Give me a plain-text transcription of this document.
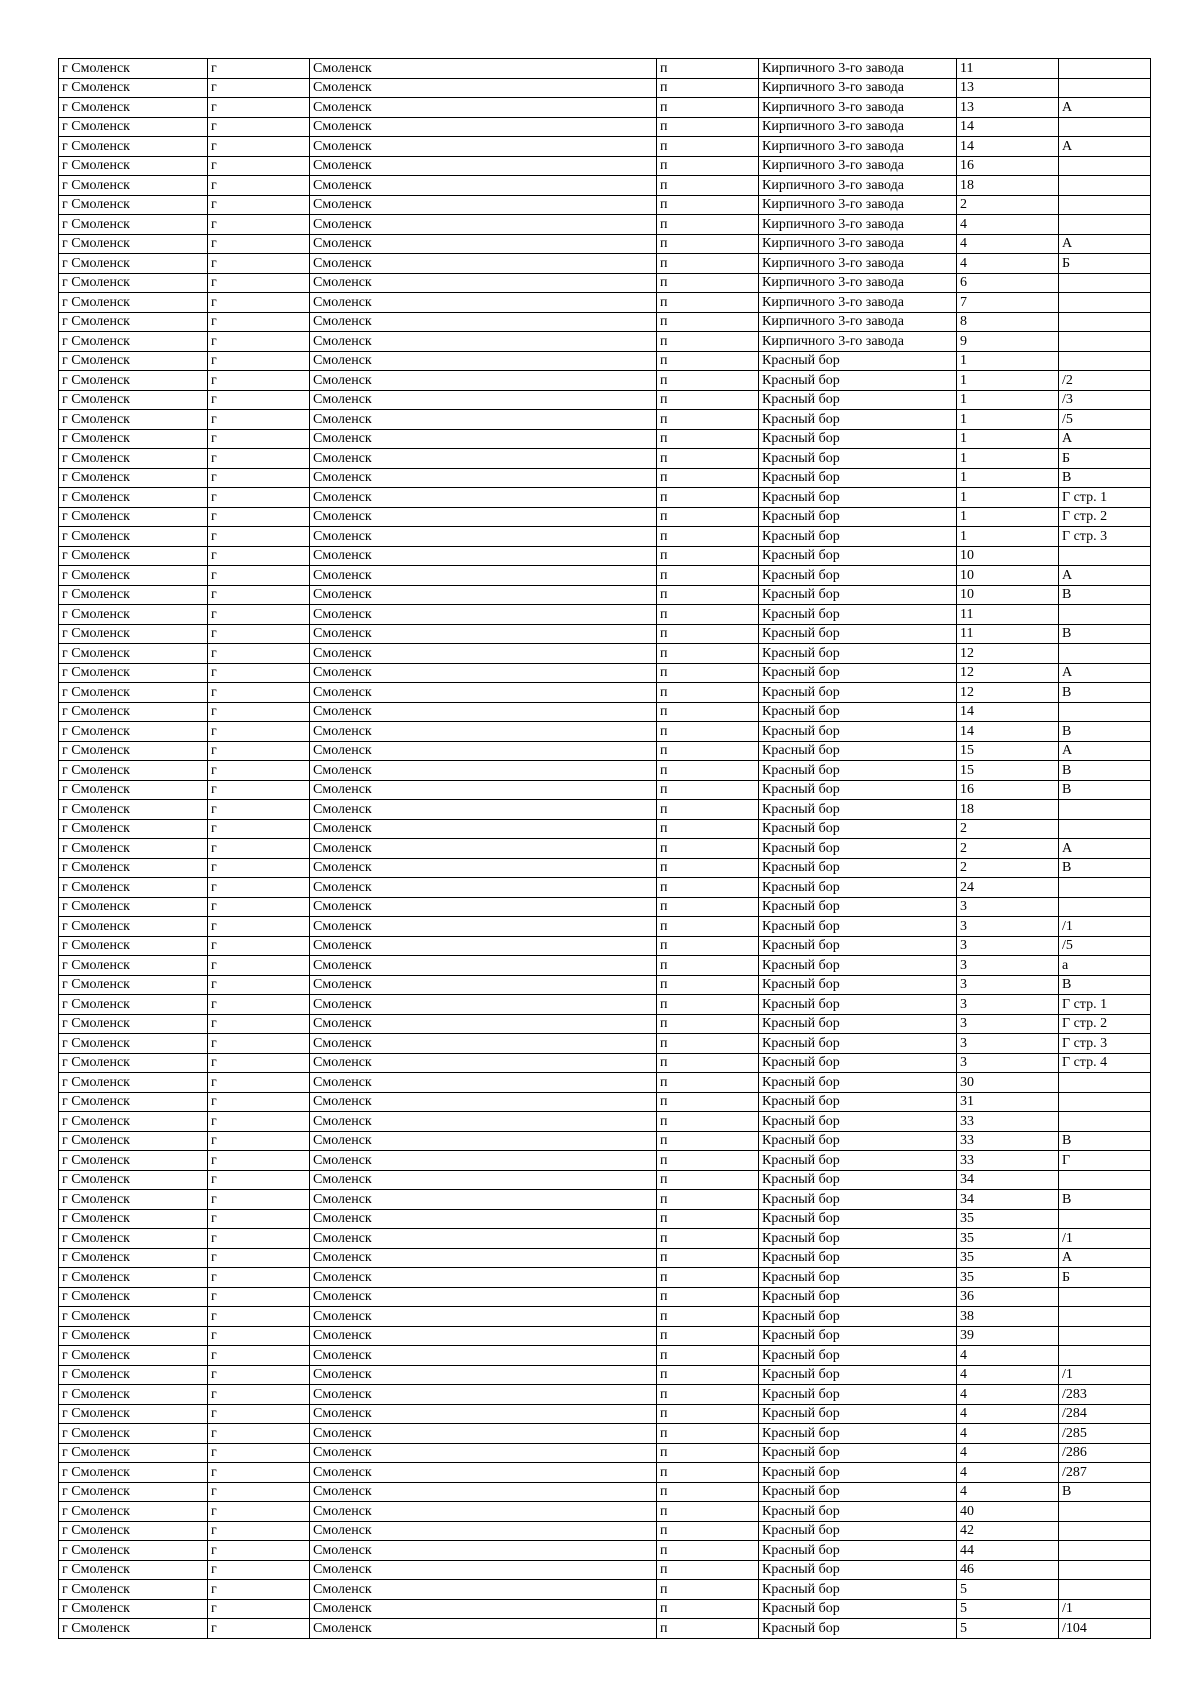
г Смоленск	г	Смоленск	п	Кирпичного 3-го завода	11	
г Смоленск	г	Смоленск	п	Кирпичного 3-го завода	13	
г Смоленск	г	Смоленск	п	Кирпичного 3-го завода	13	А
г Смоленск	г	Смоленск	п	Кирпичного 3-го завода	14	
г Смоленск	г	Смоленск	п	Кирпичного 3-го завода	14	А
г Смоленск	г	Смоленск	п	Кирпичного 3-го завода	16	
г Смоленск	г	Смоленск	п	Кирпичного 3-го завода	18	
г Смоленск	г	Смоленск	п	Кирпичного 3-го завода	2	
г Смоленск	г	Смоленск	п	Кирпичного 3-го завода	4	
г Смоленск	г	Смоленск	п	Кирпичного 3-го завода	4	А
г Смоленск	г	Смоленск	п	Кирпичного 3-го завода	4	Б
г Смоленск	г	Смоленск	п	Кирпичного 3-го завода	6	
г Смоленск	г	Смоленск	п	Кирпичного 3-го завода	7	
г Смоленск	г	Смоленск	п	Кирпичного 3-го завода	8	
г Смоленск	г	Смоленск	п	Кирпичного 3-го завода	9	
г Смоленск	г	Смоленск	п	Красный бор	1	
г Смоленск	г	Смоленск	п	Красный бор	1	/2
г Смоленск	г	Смоленск	п	Красный бор	1	/3
г Смоленск	г	Смоленск	п	Красный бор	1	/5
г Смоленск	г	Смоленск	п	Красный бор	1	А
г Смоленск	г	Смоленск	п	Красный бор	1	Б
г Смоленск	г	Смоленск	п	Красный бор	1	В
г Смоленск	г	Смоленск	п	Красный бор	1	Г стр. 1
г Смоленск	г	Смоленск	п	Красный бор	1	Г стр. 2
г Смоленск	г	Смоленск	п	Красный бор	1	Г стр. 3
г Смоленск	г	Смоленск	п	Красный бор	10	
г Смоленск	г	Смоленск	п	Красный бор	10	А
г Смоленск	г	Смоленск	п	Красный бор	10	В
г Смоленск	г	Смоленск	п	Красный бор	11	
г Смоленск	г	Смоленск	п	Красный бор	11	В
г Смоленск	г	Смоленск	п	Красный бор	12	
г Смоленск	г	Смоленск	п	Красный бор	12	А
г Смоленск	г	Смоленск	п	Красный бор	12	В
г Смоленск	г	Смоленск	п	Красный бор	14	
г Смоленск	г	Смоленск	п	Красный бор	14	В
г Смоленск	г	Смоленск	п	Красный бор	15	А
г Смоленск	г	Смоленск	п	Красный бор	15	В
г Смоленск	г	Смоленск	п	Красный бор	16	В
г Смоленск	г	Смоленск	п	Красный бор	18	
г Смоленск	г	Смоленск	п	Красный бор	2	
г Смоленск	г	Смоленск	п	Красный бор	2	А
г Смоленск	г	Смоленск	п	Красный бор	2	В
г Смоленск	г	Смоленск	п	Красный бор	24	
г Смоленск	г	Смоленск	п	Красный бор	3	
г Смоленск	г	Смоленск	п	Красный бор	3	/1
г Смоленск	г	Смоленск	п	Красный бор	3	/5
г Смоленск	г	Смоленск	п	Красный бор	3	а
г Смоленск	г	Смоленск	п	Красный бор	3	В
г Смоленск	г	Смоленск	п	Красный бор	3	Г стр. 1
г Смоленск	г	Смоленск	п	Красный бор	3	Г стр. 2
г Смоленск	г	Смоленск	п	Красный бор	3	Г стр. 3
г Смоленск	г	Смоленск	п	Красный бор	3	Г стр. 4
г Смоленск	г	Смоленск	п	Красный бор	30	
г Смоленск	г	Смоленск	п	Красный бор	31	
г Смоленск	г	Смоленск	п	Красный бор	33	
г Смоленск	г	Смоленск	п	Красный бор	33	В
г Смоленск	г	Смоленск	п	Красный бор	33	Г
г Смоленск	г	Смоленск	п	Красный бор	34	
г Смоленск	г	Смоленск	п	Красный бор	34	В
г Смоленск	г	Смоленск	п	Красный бор	35	
г Смоленск	г	Смоленск	п	Красный бор	35	/1
г Смоленск	г	Смоленск	п	Красный бор	35	А
г Смоленск	г	Смоленск	п	Красный бор	35	Б
г Смоленск	г	Смоленск	п	Красный бор	36	
г Смоленск	г	Смоленск	п	Красный бор	38	
г Смоленск	г	Смоленск	п	Красный бор	39	
г Смоленск	г	Смоленск	п	Красный бор	4	
г Смоленск	г	Смоленск	п	Красный бор	4	/1
г Смоленск	г	Смоленск	п	Красный бор	4	/283
г Смоленск	г	Смоленск	п	Красный бор	4	/284
г Смоленск	г	Смоленск	п	Красный бор	4	/285
г Смоленск	г	Смоленск	п	Красный бор	4	/286
г Смоленск	г	Смоленск	п	Красный бор	4	/287
г Смоленск	г	Смоленск	п	Красный бор	4	В
г Смоленск	г	Смоленск	п	Красный бор	40	
г Смоленск	г	Смоленск	п	Красный бор	42	
г Смоленск	г	Смоленск	п	Красный бор	44	
г Смоленск	г	Смоленск	п	Красный бор	46	
г Смоленск	г	Смоленск	п	Красный бор	5	
г Смоленск	г	Смоленск	п	Красный бор	5	/1
г Смоленск	г	Смоленск	п	Красный бор	5	/104
